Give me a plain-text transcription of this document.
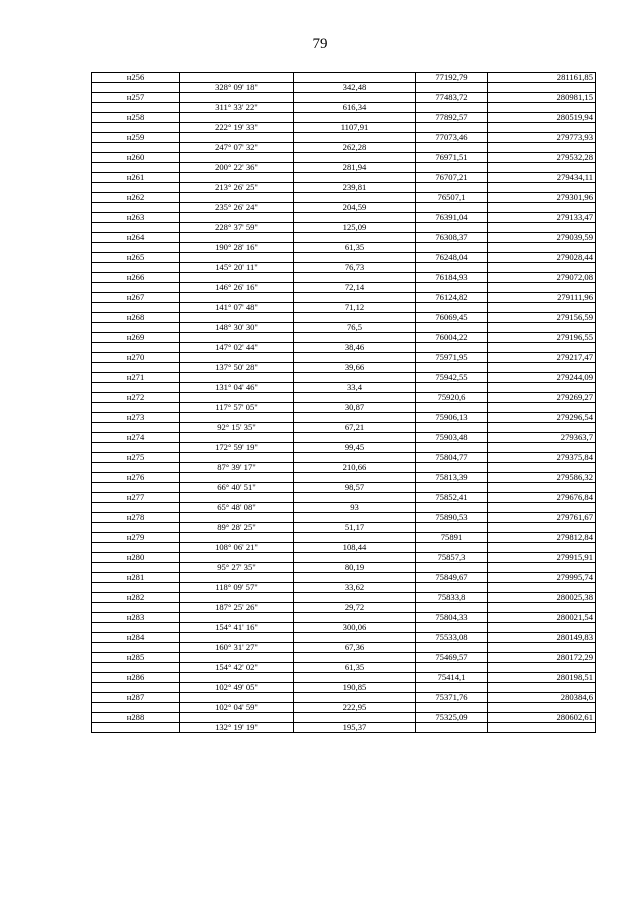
79
н256			77192,79	281161,85
	328° 09' 18"	342,48		
н257			77483,72	280981,15
	311° 33' 22"	616,34		
н258			77892,57	280519,94
	222° 19' 33"	1107,91		
н259			77073,46	279773,93
	247° 07' 32"	262,28		
н260			76971,51	279532,28
	200° 22' 36"	281,94		
н261			76707,21	279434,11
	213° 26' 25"	239,81		
н262			76507,1	279301,96
	235° 26' 24"	204,59		
н263			76391,04	279133,47
	228° 37' 59"	125,09		
н264			76308,37	279039,59
	190° 28' 16"	61,35		
н265			76248,04	279028,44
	145° 20' 11"	76,73		
н266			76184,93	279072,08
	146° 26' 16"	72,14		
н267			76124,82	279111,96
	141° 07' 48"	71,12		
н268			76069,45	279156,59
	148° 30' 30"	76,5		
н269			76004,22	279196,55
	147° 02' 44"	38,46		
н270			75971,95	279217,47
	137° 50' 28"	39,66		
н271			75942,55	279244,09
	131° 04' 46"	33,4		
н272			75920,6	279269,27
	117° 57' 05"	30,87		
н273			75906,13	279296,54
	92° 15' 35"	67,21		
н274			75903,48	279363,7
	172° 59' 19"	99,45		
н275			75804,77	279375,84
	87° 39' 17"	210,66		
н276			75813,39	279586,32
	66° 40' 51"	98,57		
н277			75852,41	279676,84
	65° 48' 08"	93		
н278			75890,53	279761,67
	89° 28' 25"	51,17		
н279			75891	279812,84
	108° 06' 21"	108,44		
н280			75857,3	279915,91
	95° 27' 35"	80,19		
н281			75849,67	279995,74
	118° 09' 57"	33,62		
н282			75833,8	280025,38
	187° 25' 26"	29,72		
н283			75804,33	280021,54
	154° 41' 16"	300,06		
н284			75533,08	280149,83
	160° 31' 27"	67,36		
н285			75469,57	280172,29
	154° 42' 02"	61,35		
н286			75414,1	280198,51
	102° 49' 05"	190,85		
н287			75371,76	280384,6
	102° 04' 59"	222,95		
н288			75325,09	280602,61
	132° 19' 19"	195,37		
